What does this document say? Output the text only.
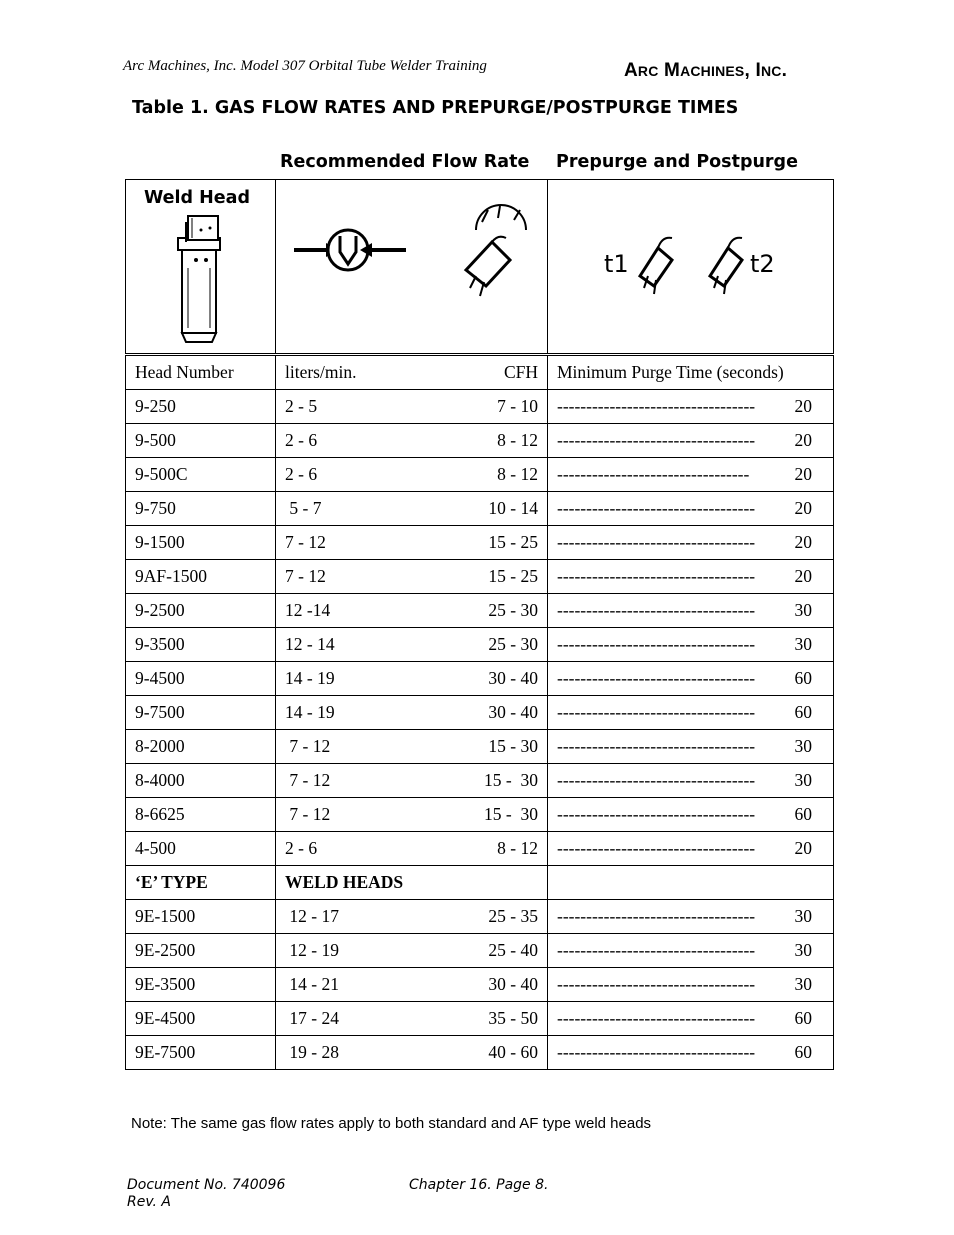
Arc Machines, Inc. Model 307 Orbital Tube Welder Training	ARC MACHINES, INC.
Table 1. GAS FLOW RATES AND PREPURGE/POSTPURGE TIMES
Recommended Flow Rate Prepurge and Postpurge
Weld Head		t1 t2

Head Number	liters/min. CFH	Minimum Purge Time (seconds)
9-250	2 - 5 7 - 10	---------------------------------- 20

9-500	2 - 6 8 - 12	---------------------------------- 20

9-500C	2 - 6 8 - 12	--------------------------------- 20

9-750	5 - 7 10 - 14	---------------------------------- 20

9-1500	7 - 12 15 - 25	---------------------------------- 20

9AF-1500	7 - 12 15 - 25	---------------------------------- 20

9-2500	12 -14 25 - 30	---------------------------------- 30

9-3500	12 - 14 25 - 30	---------------------------------- 30

9-4500	14 - 19 30 - 40	---------------------------------- 60

9-7500	14 - 19 30 - 40	---------------------------------- 60

8-2000	7 - 12 15 - 30	---------------------------------- 30

8-4000	7 - 12 15 -  30	---------------------------------- 30

8-6625	7 - 12 15 -  30	---------------------------------- 60

4-500	2 - 6 8 - 12	---------------------------------- 20

‘E’ TYPE	WELD HEADS	
9E-1500	12 - 17 25 - 35	---------------------------------- 30

9E-2500	12 - 19 25 - 40	---------------------------------- 30

9E-3500	14 - 21 30 - 40	---------------------------------- 30

9E-4500	17 - 24 35 - 50	---------------------------------- 60

9E-7500	19 - 28 40 - 60	---------------------------------- 60
Note: The same gas flow rates apply to both standard and AF type weld heads
Document No. 740096
Rev. A
Chapter 16. Page 8.
